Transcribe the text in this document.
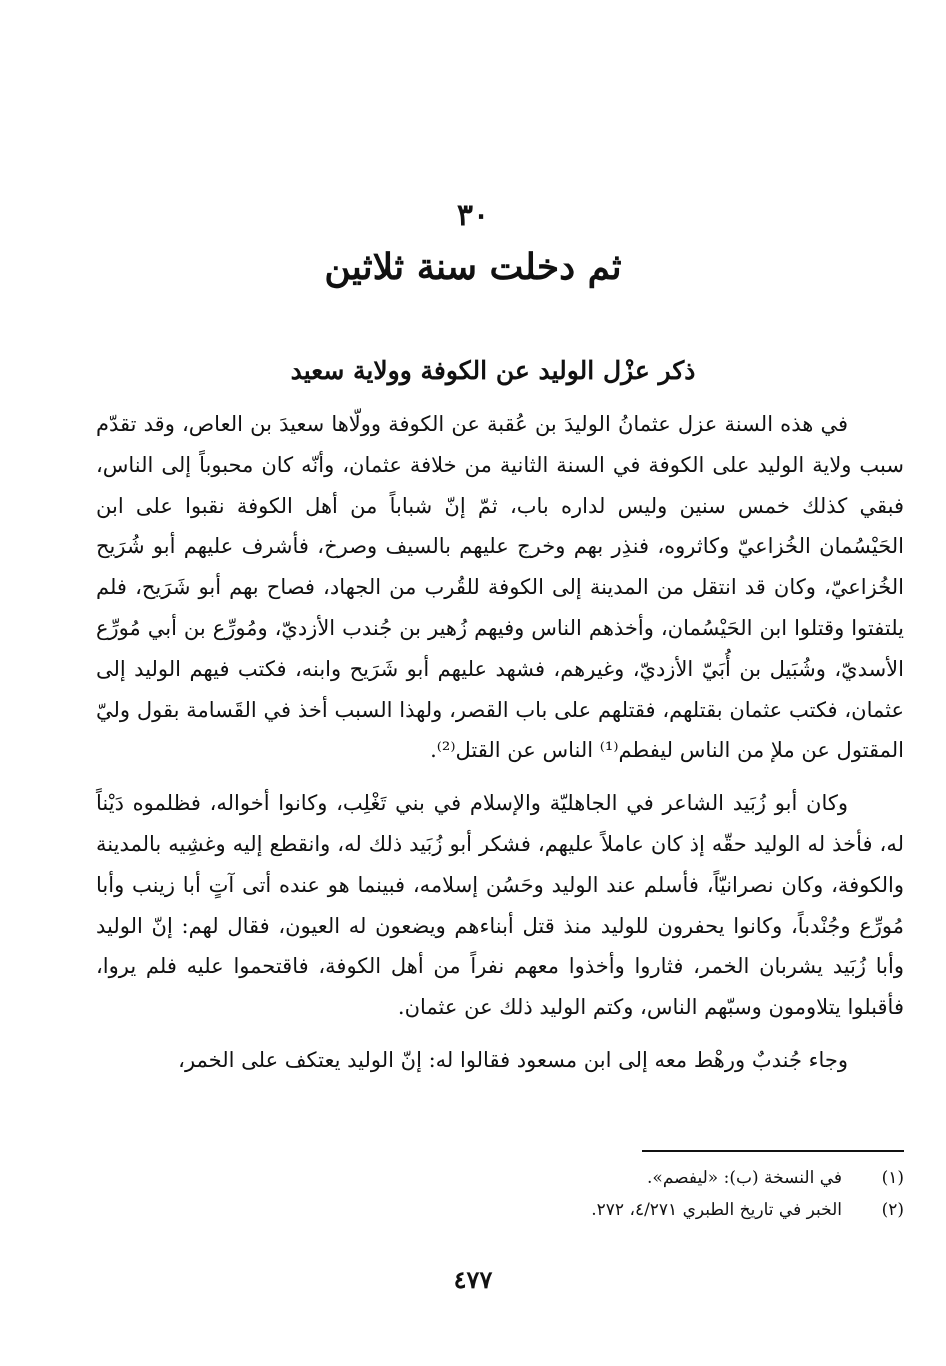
٣٠
ثم دخلت سنة ثلاثين
ذكر عزْل الوليد عن الكوفة وولاية سعيد

في هذه السنة عزل عثمانُ الوليدَ بن عُقبة عن الكوفة وولّاها سعيدَ بن العاص، وقد تقدّم سبب ولاية الوليد على الكوفة في السنة الثانية من خلافة عثمان، وأنّه كان محبوباً إلى الناس، فبقي كذلك خمس سنين وليس لداره باب، ثمّ إنّ شباباً من أهل الكوفة نقبوا على ابن الحَيْسُمان الخُزاعيّ وكاثروه، فنذِر بهم وخرج عليهم بالسيف وصرخ، فأشرف عليهم أبو شُرَيح الخُزاعيّ، وكان قد انتقل من المدينة إلى الكوفة للقُرب من الجهاد، فصاح بهم أبو شَرَيح، فلم يلتفتوا وقتلوا ابن الحَيْسُمان، وأخذهم الناس وفيهم زُهير بن جُندب الأزديّ، ومُورِّع بن أبي مُورِّع الأسديّ، وشُبَيل بن أُبَيّ الأزديّ، وغيرهم، فشهد عليهم أبو شَرَيح وابنه، فكتب فيهم الوليد إلى عثمان، فكتب عثمان بقتلهم، فقتلهم على باب القصر، ولهذا السبب أخذ في القَسامة بقول وليّ المقتول عن ملإ من الناس ليفطم⁽¹⁾ الناس عن القتل⁽²⁾.

وكان أبو زُبَيد الشاعر في الجاهليّة والإسلام في بني تَغْلِب، وكانوا أخواله، فظلموه دَيْناً له، فأخذ له الوليد حقّه إذ كان عاملاً عليهم، فشكر أبو زُبَيد ذلك له، وانقطع إليه وغشِيه بالمدينة والكوفة، وكان نصرانيّاً، فأسلم عند الوليد وحَسُن إسلامه، فبينما هو عنده أتى آتٍ أبا زينب وأبا مُورِّع وجُنْدباً، وكانوا يحفرون للوليد منذ قتل أبناءهم ويضعون له العيون، فقال لهم: إنّ الوليد وأبا زُبَيد يشربان الخمر، فثاروا وأخذوا معهم نفراً من أهل الكوفة، فاقتحموا عليه فلم يروا، فأقبلوا يتلاومون وسبّهم الناس، وكتم الوليد ذلك عن عثمان.

وجاء جُندبٌ ورهْط معه إلى ابن مسعود فقالوا له: إنّ الوليد يعتكف على الخمر،

(١)
في النسخة (ب): «ليفصم».
(٢)
الخبر في تاريخ الطبري ٤/٢٧١، ٢٧٢.
٤٧٧
